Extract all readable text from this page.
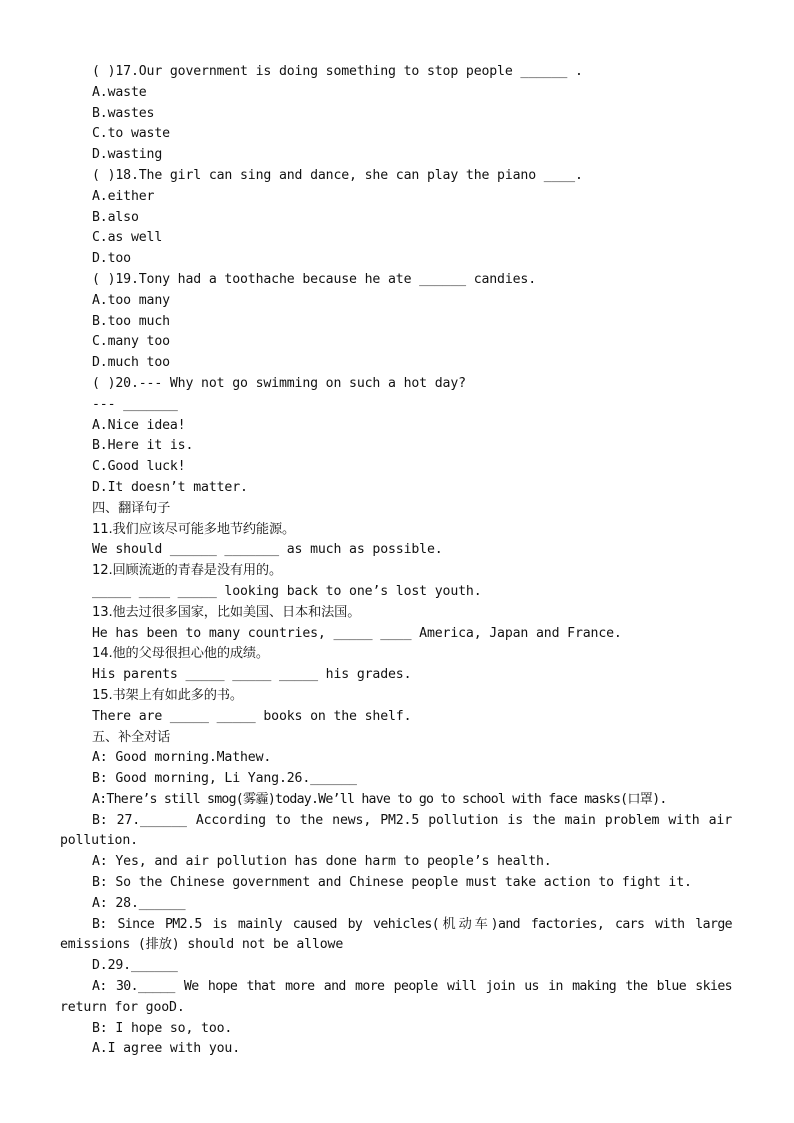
( )17.Our government is doing something to stop people ______ .
A.waste
B.wastes
C.to waste
D.wasting
( )18.The girl can sing and dance, she can play the piano ____.
A.either
B.also
C.as well
D.too
( )19.Tony had a toothache because he ate ______ candies.
A.too many
B.too much
C.many too
D.much too
( )20.--- Why not go swimming on such a hot day?
--- _______
A.Nice idea!
B.Here it is.
C.Good luck!
D.It doesn’t matter.
四、翻译句子
11.我们应该尽可能多地节约能源。
We should ______ _______ as much as possible.
12.回顾流逝的青春是没有用的。
_____ ____ _____ looking back to one’s lost youth.
13.他去过很多国家，比如美国、日本和法国。
He has been to many countries, _____ ____ America, Japan and France.
14.他的父母很担心他的成绩。
His parents _____ _____ _____ his grades.
15.书架上有如此多的书。
There are _____ _____ books on the shelf.
五、补全对话
A: Good morning.Mathew.
B: Good morning, Li Yang.26.______
A:There’s still smog(雾霾)today.We’ll have to go to school with face masks(口罩).
B: 27.______ According to the news, PM2.5 pollution is the main problem with air
pollution.
A: Yes, and air pollution has done harm to people’s health.
B: So the Chinese government and Chinese people must take action to fight it.
A: 28.______
B: Since PM2.5 is mainly caused by vehicles(机动车)and factories, cars with large
emissions (排放) should not be allowe
D.29.______
A: 30._____ We hope that more and more people will join us in making the blue skies
return for gooD.
B: I hope so, too.
A.I agree with you.
